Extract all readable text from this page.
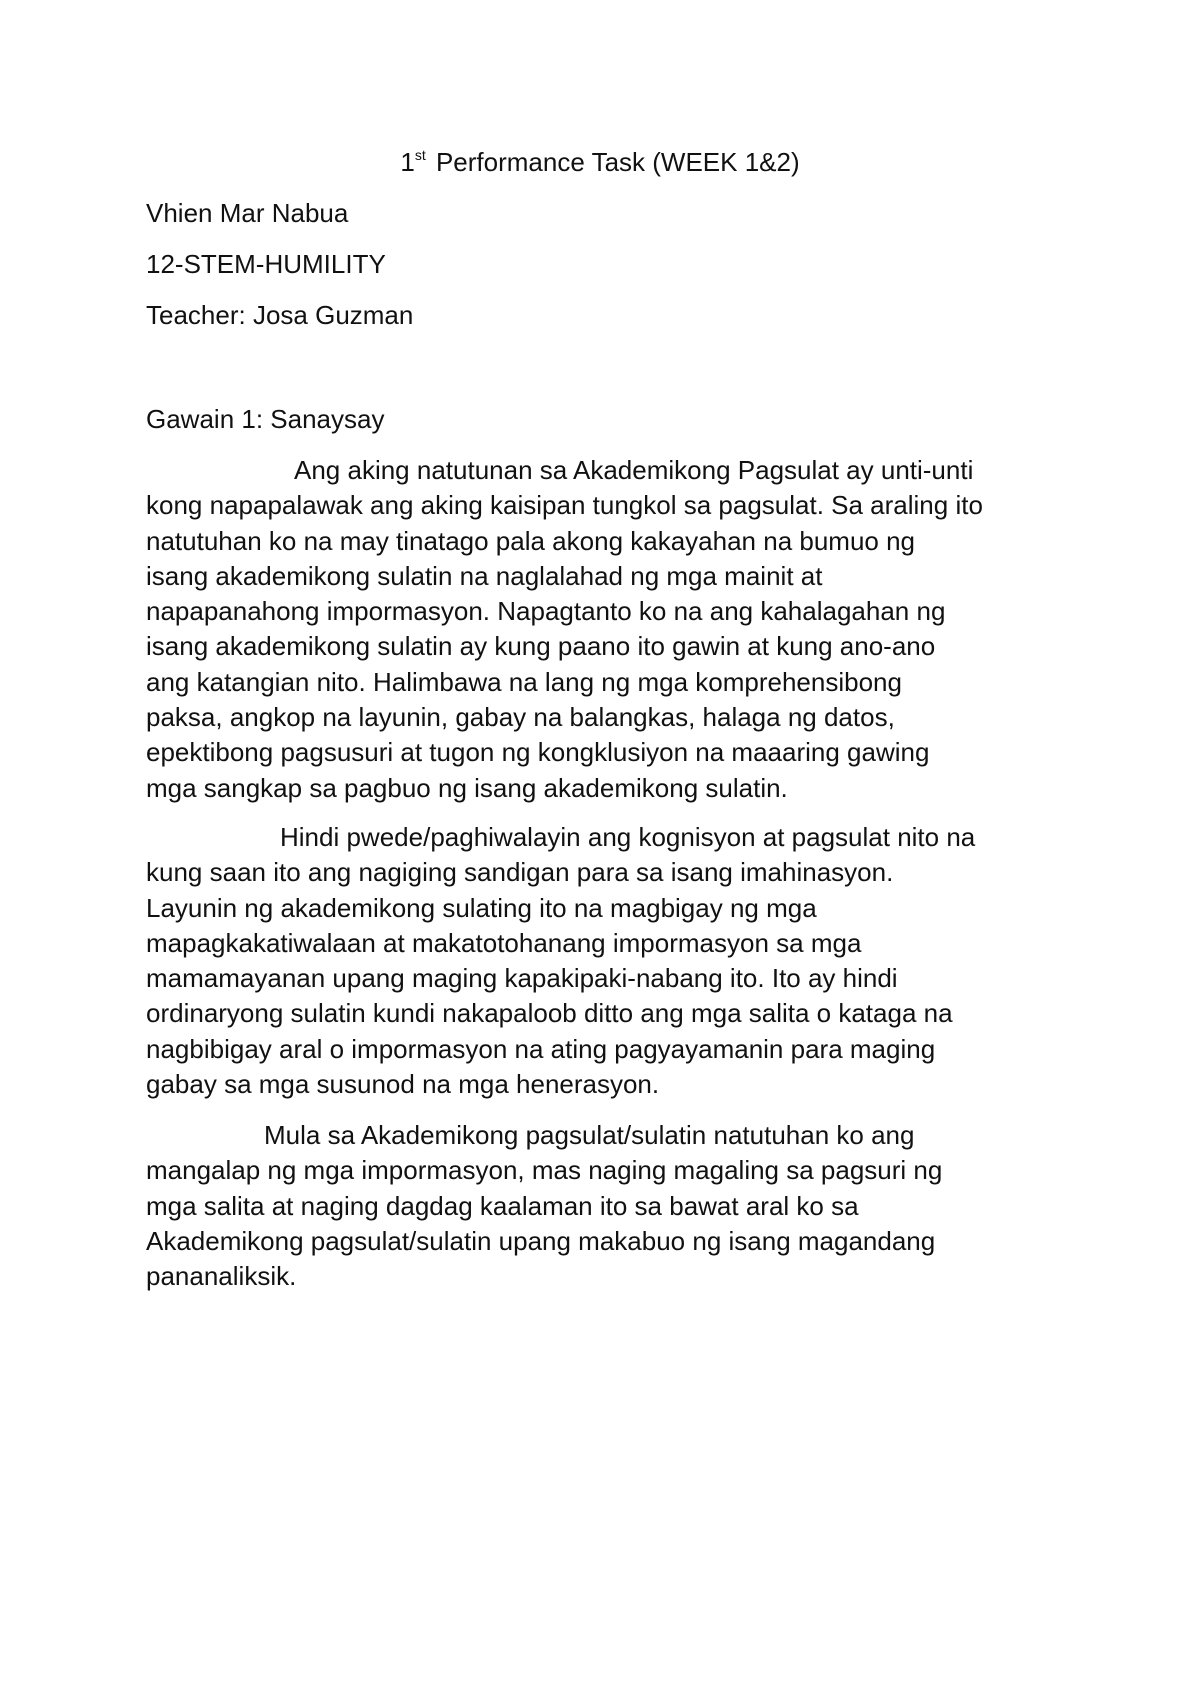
1st Performance Task (WEEK 1&2)
Vhien Mar Nabua
12-STEM-HUMILITY
Teacher: Josa Guzman
Gawain 1: Sanaysay
Ang aking natutunan sa Akademikong Pagsulat ay unti-unti
kong napapalawak ang aking kaisipan tungkol sa pagsulat. Sa araling ito
natutuhan ko na may tinatago pala akong kakayahan na bumuo ng
isang akademikong sulatin na naglalahad ng mga mainit at
napapanahong impormasyon. Napagtanto ko na ang kahalagahan ng
isang akademikong sulatin ay kung paano ito gawin at kung ano-ano
ang katangian nito. Halimbawa na lang ng mga komprehensibong
paksa, angkop na layunin, gabay na balangkas, halaga ng datos,
epektibong pagsusuri at tugon ng kongklusiyon na maaaring gawing
mga sangkap sa pagbuo ng isang akademikong sulatin.
Hindi pwede/paghiwalayin ang kognisyon at pagsulat nito na
kung saan ito ang nagiging sandigan para sa isang imahinasyon.
Layunin ng akademikong sulating ito na magbigay ng mga
mapagkakatiwalaan at makatotohanang impormasyon sa mga
mamamayanan upang maging kapakipaki-nabang ito. Ito ay hindi
ordinaryong sulatin kundi nakapaloob ditto ang mga salita o kataga na
nagbibigay aral o impormasyon na ating pagyayamanin para maging
gabay sa mga susunod na mga henerasyon.
Mula sa Akademikong pagsulat/sulatin natutuhan ko ang
mangalap ng mga impormasyon, mas naging magaling sa pagsuri ng
mga salita at naging dagdag kaalaman ito sa bawat aral ko sa
Akademikong pagsulat/sulatin upang makabuo ng isang magandang
pananaliksik.
